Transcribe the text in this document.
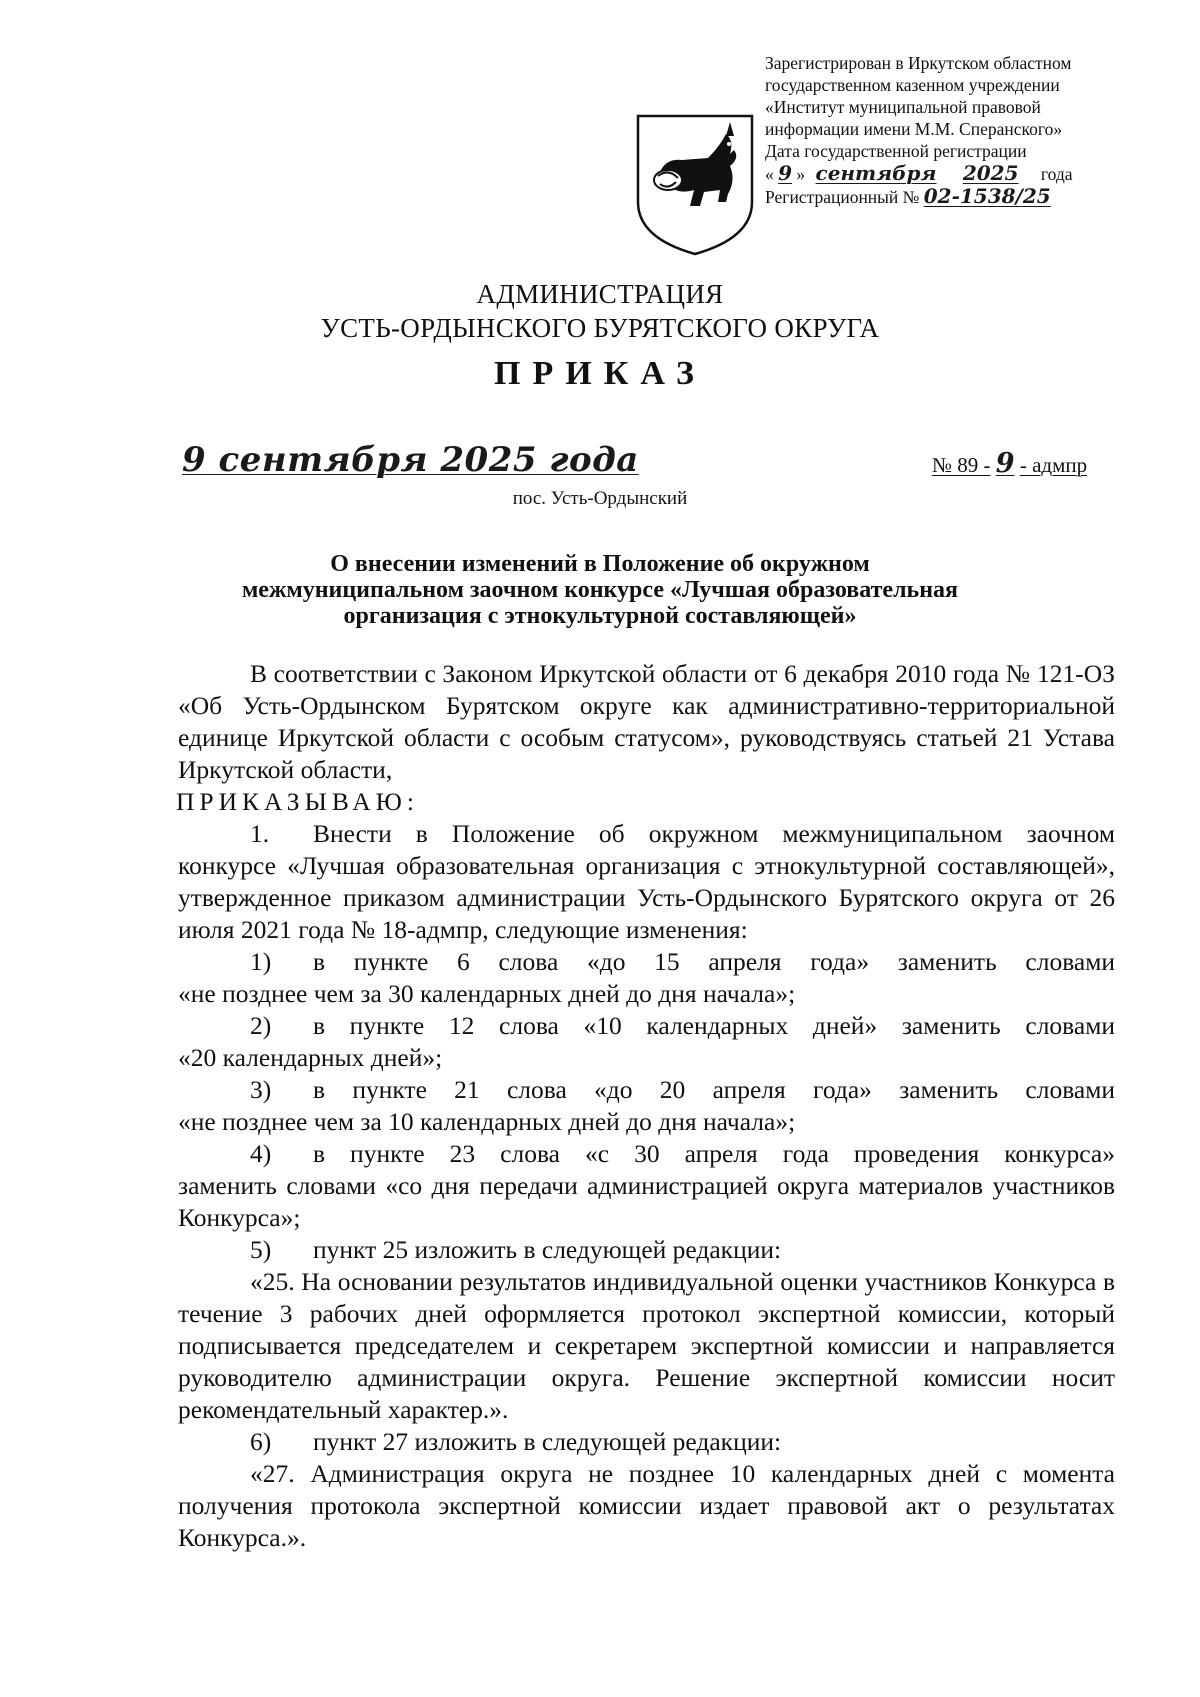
Зарегистрирован в Иркутском областном
государственном казенном учреждении
«Институт муниципальной правовой
информации имени М.М. Сперанского»
Дата государственной регистрации
« 9 » сентября 2025 года
Регистрационный № 02-1538/25
АДМИНИСТРАЦИЯ
УСТЬ-ОРДЫНСКОГО БУРЯТСКОГО ОКРУГА
ПРИКАЗ
9 сентября 2025 года	№ 89 - 9 - адмпр
пос. Усть-Ордынский
О внесении изменений в Положение об окружном
межмуниципальном заочном конкурсе «Лучшая образовательная
организация с этнокультурной составляющей»

В соответствии с Законом Иркутской области от 6 декабря 2010 года № 121-ОЗ «Об Усть-Ордынском Бурятском округе как административно-территориальной единице Иркутской области с особым статусом», руководствуясь статьей 21 Устава Иркутской области,

ПРИКАЗЫВАЮ:

1.	Внести в Положение об окружном межмуниципальном заочном

конкурсе «Лучшая образовательная организация с этнокультурной составляющей», утвержденное приказом администрации Усть-Ордынского Бурятского округа от 26 июля 2021 года № 18-адмпр, следующие изменения:

1)	в пункте 6 слова «до 15 апреля года» заменить словами

«не позднее чем за 30 календарных дней до дня начала»;

2)	в пункте 12 слова «10 календарных дней» заменить словами

«20 календарных дней»;

3)	в пункте 21 слова «до 20 апреля года» заменить словами

«не позднее чем за 10 календарных дней до дня начала»;

4)	в пункте 23 слова «с 30 апреля года проведения конкурса»

заменить словами «со дня передачи администрацией округа материалов участников Конкурса»;

5)	пункт 25 изложить в следующей редакции:

«25. На основании результатов индивидуальной оценки участников Конкурса в течение 3 рабочих дней оформляется протокол экспертной комиссии, который подписывается председателем и секретарем экспертной комиссии и направляется руководителю администрации округа. Решение экспертной комиссии носит рекомендательный характер.».

6)	пункт 27 изложить в следующей редакции:

«27. Администрация округа не позднее 10 календарных дней с момента получения протокола экспертной комиссии издает правовой акт о результатах Конкурса.».
